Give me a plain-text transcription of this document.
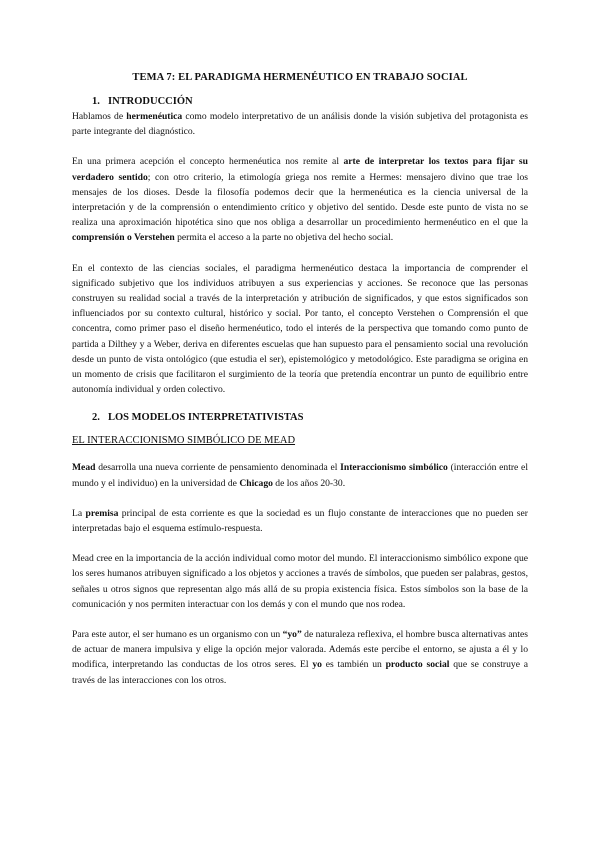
TEMA 7: EL PARADIGMA HERMENÉUTICO EN TRABAJO SOCIAL
1. INTRODUCCIÓN

Hablamos de hermenéutica como modelo interpretativo de un análisis donde la visión subjetiva del protagonista es parte integrante del diagnóstico.

En una primera acepción el concepto hermenéutica nos remite al arte de interpretar los textos para fijar su verdadero sentido; con otro criterio, la etimología griega nos remite a Hermes: mensajero divino que trae los mensajes de los dioses. Desde la filosofía podemos decir que la hermenéutica es la ciencia universal de la interpretación y de la comprensión o entendimiento crítico y objetivo del sentido. Desde este punto de vista no se realiza una aproximación hipotética sino que nos obliga a desarrollar un procedimiento hermenéutico en el que la comprensión o Verstehen permita el acceso a la parte no objetiva del hecho social.

En el contexto de las ciencias sociales, el paradigma hermenéutico destaca la importancia de comprender el significado subjetivo que los individuos atribuyen a sus experiencias y acciones. Se reconoce que las personas construyen su realidad social a través de la interpretación y atribución de significados, y que estos significados son influenciados por su contexto cultural, histórico y social. Por tanto, el concepto Verstehen o Comprensión el que concentra, como primer paso el diseño hermenéutico, todo el interés de la perspectiva que tomando como punto de partida a Dilthey y a Weber, deriva en diferentes escuelas que han supuesto para el pensamiento social una revolución desde un punto de vista ontológico (que estudia el ser), epistemológico y metodológico. Este paradigma se origina en un momento de crisis que facilitaron el surgimiento de la teoría que pretendía encontrar un punto de equilibrio entre autonomía individual y orden colectivo.

2. LOS MODELOS INTERPRETATIVISTAS
EL INTERACCIONISMO SIMBÓLICO DE MEAD

Mead desarrolla una nueva corriente de pensamiento denominada el Interaccionismo simbólico (interacción entre el mundo y el individuo) en la universidad de Chicago de los años 20-30.

La premisa principal de esta corriente es que la sociedad es un flujo constante de interacciones que no pueden ser interpretadas bajo el esquema estímulo-respuesta.

Mead cree en la importancia de la acción individual como motor del mundo. El interaccionismo simbólico expone que los seres humanos atribuyen significado a los objetos y acciones a través de símbolos, que pueden ser palabras, gestos, señales u otros signos que representan algo más allá de su propia existencia física. Estos símbolos son la base de la comunicación y nos permiten interactuar con los demás y con el mundo que nos rodea.

Para este autor, el ser humano es un organismo con un “yo” de naturaleza reflexiva, el hombre busca alternativas antes de actuar de manera impulsiva y elige la opción mejor valorada. Además este percibe el entorno, se ajusta a él y lo modifica, interpretando las conductas de los otros seres. El yo es también un producto social que se construye a través de las interacciones con los otros.
